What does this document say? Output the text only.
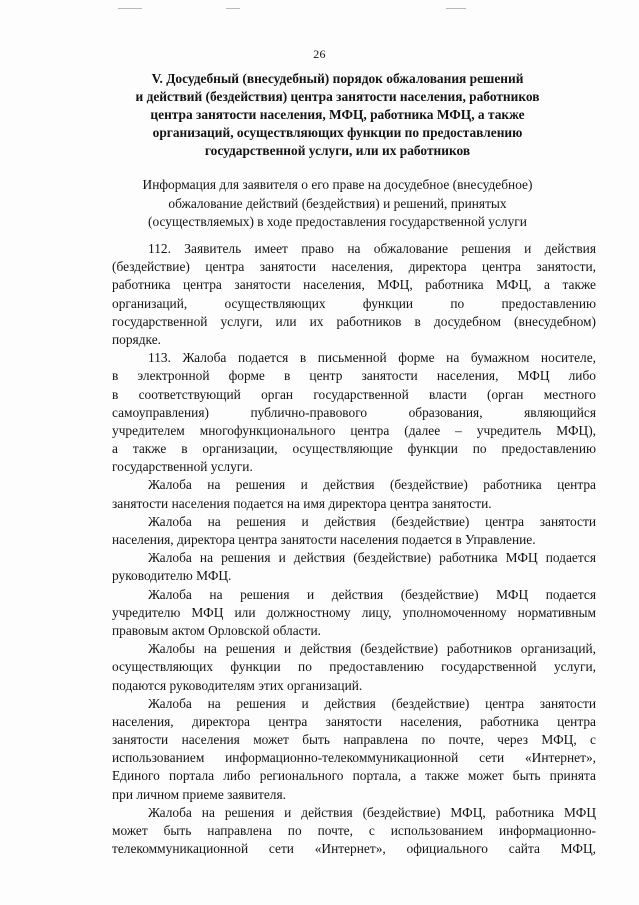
26
V. Досудебный (внесудебный) порядок обжалования решений
и действий (бездействия) центра занятости населения, работников
центра занятости населения, МФЦ, работника МФЦ, а также
организаций, осуществляющих функции по предоставлению
государственной услуги, или их работников
Информация для заявителя о его праве на досудебное (внесудебное)
обжалование действий (бездействия) и решений, принятых
(осуществляемых) в ходе предоставления государственной услуги
112. Заявитель имеет право на обжалование решения и действия
(бездействие) центра занятости населения, директора центра занятости,
работника центра занятости населения, МФЦ, работника МФЦ, а также
организаций, осуществляющих функции по предоставлению
государственной услуги, или их работников в досудебном (внесудебном)
порядке.
113. Жалоба подается в письменной форме на бумажном носителе,
в электронной форме в центр занятости населения, МФЦ либо
в соответствующий орган государственной власти (орган местного
самоуправления) публично-правового образования, являющийся
учредителем многофункционального центра (далее – учредитель МФЦ),
а также в организации, осуществляющие функции по предоставлению
государственной услуги.
Жалоба на решения и действия (бездействие) работника центра
занятости населения подается на имя директора центра занятости.
Жалоба на решения и действия (бездействие) центра занятости
населения, директора центра занятости населения подается в Управление.
Жалоба на решения и действия (бездействие) работника МФЦ подается
руководителю МФЦ.
Жалоба на решения и действия (бездействие) МФЦ подается
учредителю МФЦ или должностному лицу, уполномоченному нормативным
правовым актом Орловской области.
Жалобы на решения и действия (бездействие) работников организаций,
осуществляющих функции по предоставлению государственной услуги,
подаются руководителям этих организаций.
Жалоба на решения и действия (бездействие) центра занятости
населения, директора центра занятости населения, работника центра
занятости населения может быть направлена по почте, через МФЦ, с
использованием информационно-телекоммуникационной сети «Интернет»,
Единого портала либо регионального портала, а также может быть принята
при личном приеме заявителя.
Жалоба на решения и действия (бездействие) МФЦ, работника МФЦ
может быть направлена по почте, с использованием информационно-
телекоммуникационной сети «Интернет», официального сайта МФЦ,
